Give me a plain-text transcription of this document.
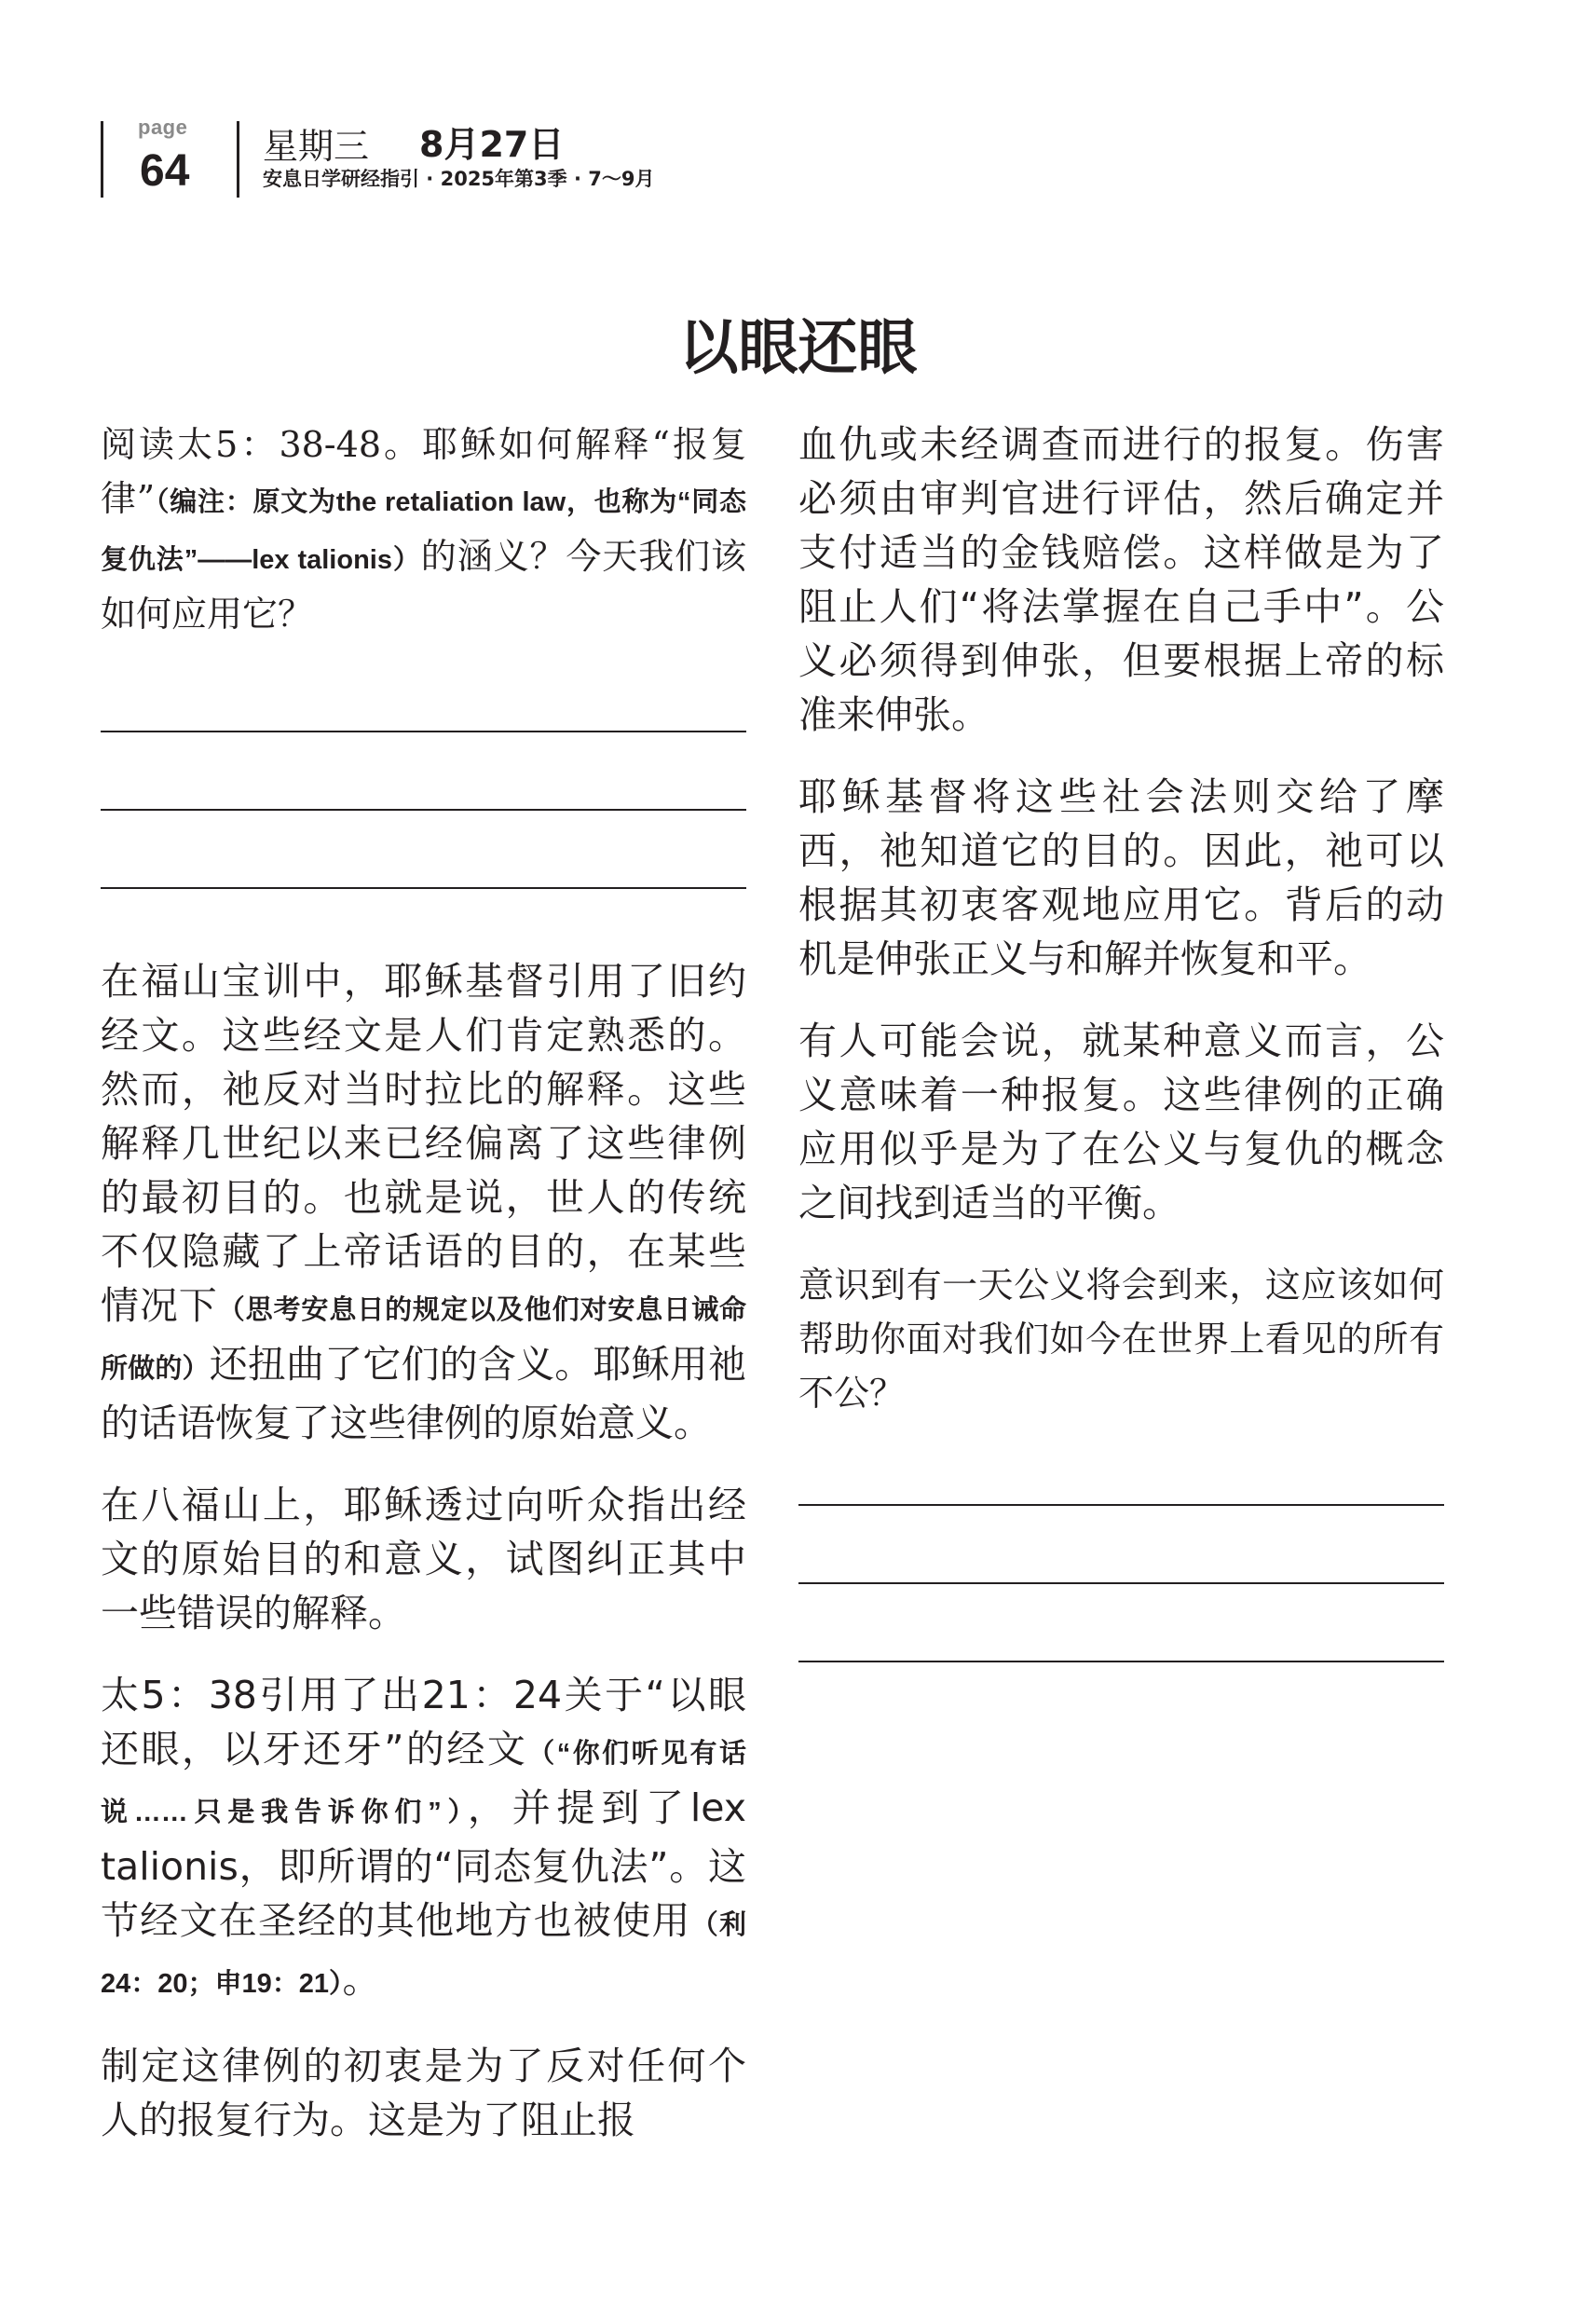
page
64 星期三 8月27日
安息日学研经指引 · 2025年第3季 · 7～9月
以眼还眼

阅读太5：38-48。耶稣如何解释“报复律”（编注：原文为the retaliation law，也称为“同态复仇法”——lex talionis）的涵义？今天我们该如何应用它？

在福山宝训中，耶稣基督引用了旧约经文。这些经文是人们肯定熟悉的。然而，祂反对当时拉比的解释。这些解释几世纪以来已经偏离了这些律例的最初目的。也就是说，世人的传统不仅隐藏了上帝话语的目的，在某些情况下（思考安息日的规定以及他们对安息日诫命所做的）还扭曲了它们的含义。耶稣用祂的话语恢复了这些律例的原始意义。

在八福山上，耶稣透过向听众指出经文的原始目的和意义，试图纠正其中一些错误的解释。

太5：38引用了出21：24关于“以眼还眼，以牙还牙”的经文（“你们听见有话说……只是我告诉你们”），并提到了lex talionis，即所谓的“同态复仇法”。这节经文在圣经的其他地方也被使用（利24：20；申19：21）。

制定这律例的初衷是为了反对任何个人的报复行为。这是为了阻止报

血仇或未经调查而进行的报复。伤害必须由审判官进行评估，然后确定并支付适当的金钱赔偿。这样做是为了阻止人们“将法掌握在自己手中”。公义必须得到伸张，但要根据上帝的标准来伸张。

耶稣基督将这些社会法则交给了摩西，祂知道它的目的。因此，祂可以根据其初衷客观地应用它。背后的动机是伸张正义与和解并恢复和平。

有人可能会说，就某种意义而言，公义意味着一种报复。这些律例的正确应用似乎是为了在公义与复仇的概念之间找到适当的平衡。

意识到有一天公义将会到来，这应该如何帮助你面对我们如今在世界上看见的所有不公？
